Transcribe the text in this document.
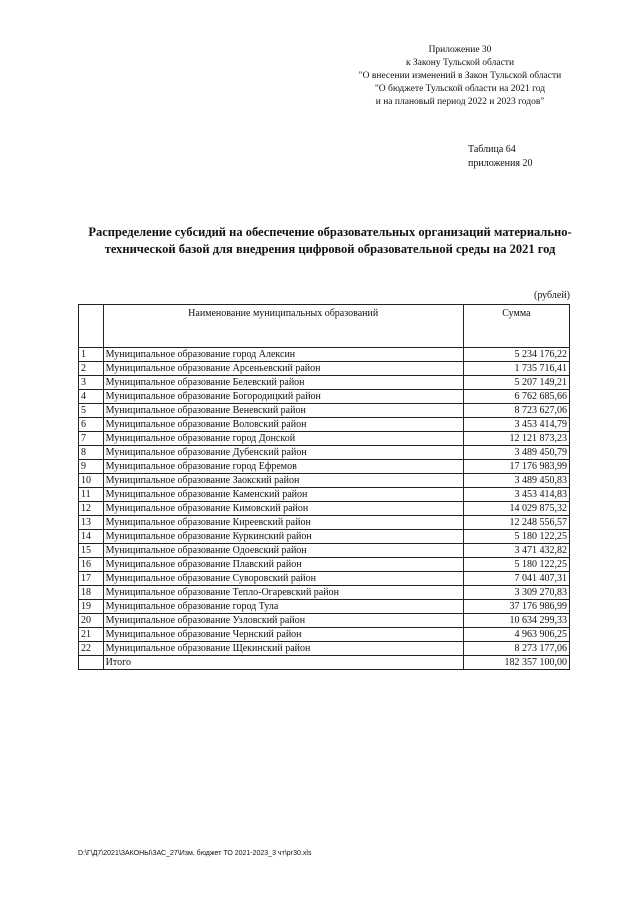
Приложение 30
к Закону Тульской области
"О внесении изменений в Закон Тульской области
"О бюджете Тульской области на 2021 год
и на плановый период 2022 и 2023 годов"
Таблица 64
приложения 20
Распределение субсидий на обеспечение образовательных организаций материально-
технической базой для внедрения цифровой образовательной среды на 2021 год
(рублей)
	Наименование муниципальных образований	Сумма
1	Муниципальное образование город Алексин	5 234 176,22
2	Муниципальное образование Арсеньевский район	1 735 716,41
3	Муниципальное образование Белевский район	5 207 149,21
4	Муниципальное образование Богородицкий район	6 762 685,66
5	Муниципальное образование Веневский район	8 723 627,06
6	Муниципальное образование Воловский район	3 453 414,79
7	Муниципальное образование город Донской	12 121 873,23
8	Муниципальное образование Дубенский район	3 489 450,79
9	Муниципальное образование город Ефремов	17 176 983,99
10	Муниципальное образование Заокский район	3 489 450,83
11	Муниципальное образование Каменский район	3 453 414,83
12	Муниципальное образование Кимовский район	14 029 875,32
13	Муниципальное образование Киреевский район	12 248 556,57
14	Муниципальное образование Куркинский район	5 180 122,25
15	Муниципальное образование Одоевский район	3 471 432,82
16	Муниципальное образование Плавский район	5 180 122,25
17	Муниципальное образование Суворовский район	7 041 407,31
18	Муниципальное образование Тепло-Огаревский район	3 309 270,83
19	Муниципальное образование город Тула	37 176 986,99
20	Муниципальное образование Узловский район	10 634 299,33
21	Муниципальное образование Чернский район	4 963 906,25
22	Муниципальное образование Щекинский район	8 273 177,06
	Итого	182 357 100,00
D:\Г\Д7\2021\ЗАКОНЫ\ЗАС_27\Изм. бюджет ТО 2021-2023_3 чт\рг30.xls
